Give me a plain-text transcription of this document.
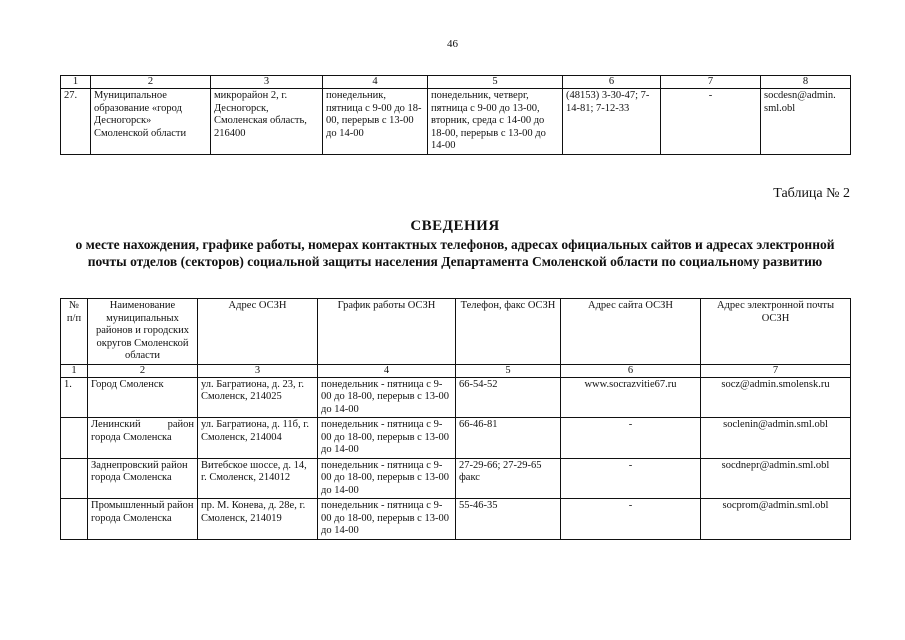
46
1	2	3	4	5	6	7	8
27.	Муниципальное образование «город Десногорск» Смоленской области	микрорайон 2, г. Десногорск, Смоленская область, 216400	понедельник, пятница с 9-00 до 18-00, перерыв с 13-00 до 14-00	понедельник, четверг, пятница с 9-00 до 13-00, вторник, среда с 14-00 до 18-00, перерыв с 13-00 до 14-00	(48153) 3-30-47; 7-14-81; 7-12-33	-	socdesn@admin. sml.obl
Таблица № 2
СВЕДЕНИЯ
о месте нахождения, графике работы, номерах контактных телефонов, адресах официальных сайтов и адресах электронной почты отделов (секторов) социальной защиты населения Департамента Смоленской области по социальному развитию
№ п/п	Наименование муниципальных районов и городских округов Смоленской области	Адрес ОСЗН	График работы ОСЗН	Телефон, факс ОСЗН	Адрес сайта ОСЗН	Адрес электронной почты ОСЗН
1	2	3	4	5	6	7
1.	Город Смоленск	ул. Багратиона, д. 23, г. Смоленск, 214025	понедельник - пятница с 9-00 до 18-00, перерыв с 13-00 до 14-00	66-54-52	www.socrazvitie67.ru	socz@admin.smolensk.ru
	Ленинский район города Смоленска	ул. Багратиона, д. 11б, г. Смоленск, 214004	понедельник - пятница с 9-00 до 18-00, перерыв с 13-00 до 14-00	66-46-81	-	soclenin@admin.sml.obl
	Заднепровский район города Смоленска	Витебское шоссе, д. 14, г. Смоленск, 214012	понедельник - пятница с 9-00 до 18-00, перерыв с 13-00 до 14-00	27-29-66; 27-29-65 факс	-	socdnepr@admin.sml.obl
	Промышленный район города Смоленска	пр. М. Конева, д. 28е, г. Смоленск, 214019	понедельник - пятница с 9-00 до 18-00, перерыв с 13-00 до 14-00	55-46-35	-	socprom@admin.sml.obl
